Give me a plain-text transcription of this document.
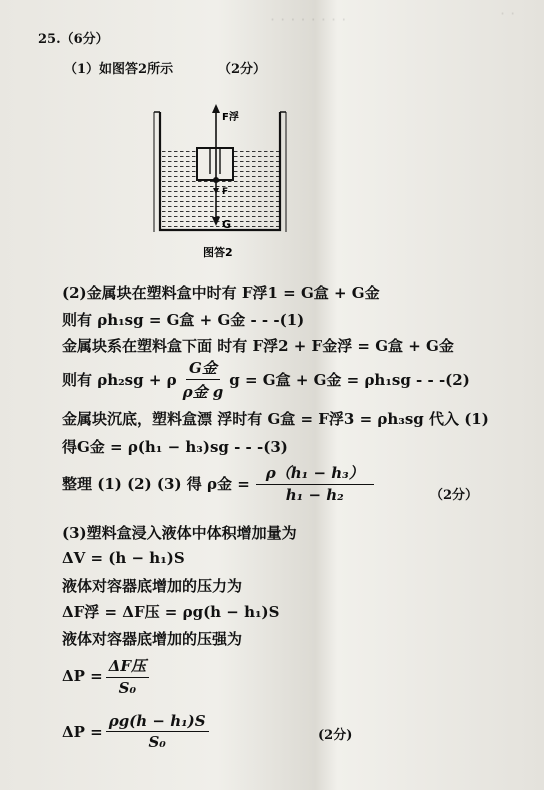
· · · · · · · ·	· ·
25.（6分）
（1）如图答2所示	（2分）
F浮
F
G
图答2
(2)金属块在塑料盒中时有 F浮1 = G盒 + G金
则有 ρh₁sg = G盒 + G金 - - -(1)
金属块系在塑料盒下面 时有 F浮2 + F金浮 = G盒 + G金
则有 ρh₂sg + ρ $\frac{\text{G金}}{\text{ρ金 g}}$ g = G盒 + G金 = ρh₁sg - - -(2)
金属块沉底，塑料盒漂 浮时有 G盒 = F浮3 = ρh₃sg 代入 (1)
得G金 = ρ(h₁ − h₃)sg - - -(3)
整理 (1) (2) (3) 得 ρ金 = $\frac{\text{ρ（h₁ − h₃）}}{\text{h₁ − h₂}}$	（2分）
(3)塑料盒浸入液体中体积增加量为
ΔV = (h − h₁)S
液体对容器底增加的压力为
ΔF浮 = ΔF压 = ρg(h − h₁)S
液体对容器底增加的压强为
$\Delta P = \frac{\text{ΔF压}}{\text{S₀}}$
$\Delta P = \frac{\text{ρg(h − h₁)S}}{\text{S₀}}$	(2分)
